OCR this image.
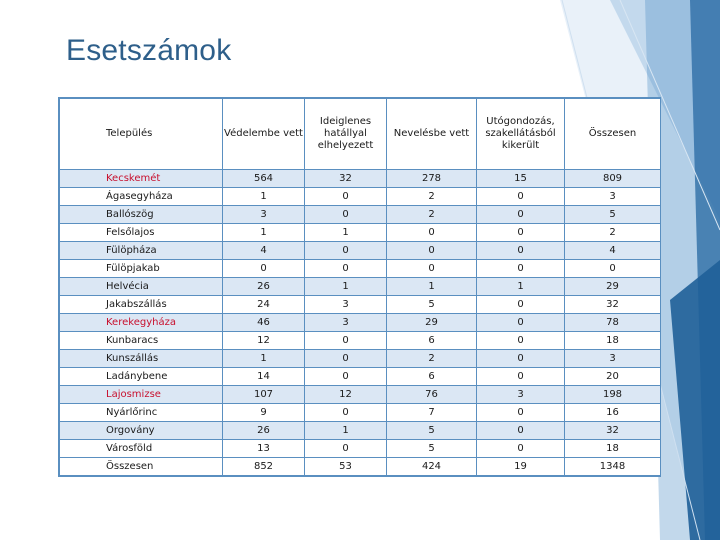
Esetszámok
Település	Védelembe vett	Ideiglenes hatállyal elhelyezett	Nevelésbe vett	Utógondozás, szakellátásból kikerült	Összesen
Kecskemét	564	32	278	15	809
Ágasegyháza	1	0	2	0	3
Ballószög	3	0	2	0	5
Felsőlajos	1	1	0	0	2
Fülöpháza	4	0	0	0	4
Fülöpjakab	0	0	0	0	0
Helvécia	26	1	1	1	29
Jakabszállás	24	3	5	0	32
Kerekegyháza	46	3	29	0	78
Kunbaracs	12	0	6	0	18
Kunszállás	1	0	2	0	3
Ladánybene	14	0	6	0	20
Lajosmizse	107	12	76	3	198
Nyárlőrinc	9	0	7	0	16
Orgovány	26	1	5	0	32
Városföld	13	0	5	0	18
Összesen	852	53	424	19	1348
